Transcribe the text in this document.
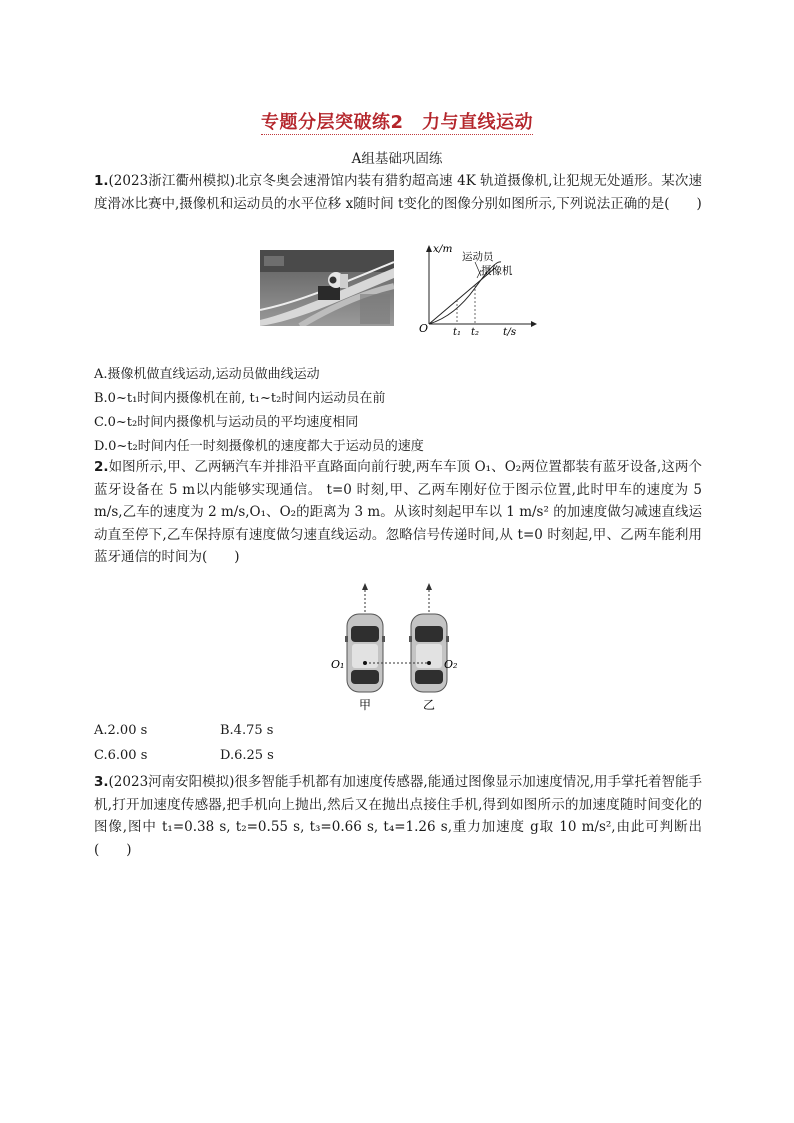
专题分层突破练2　力与直线运动
A组基础巩固练
1.(2023浙江衢州模拟)北京冬奥会速滑馆内装有猎豹超高速 4K 轨道摄像机,让犯规无处遁形。某次速度滑冰比赛中,摄像机和运动员的水平位移 x随时间 t变化的图像分别如图所示,下列说法正确的是(　　)
x/m
t/s
O t₁ t₂
运动员
摄像机
A.摄像机做直线运动,运动员做曲线运动
B.0~t₁时间内摄像机在前, t₁~t₂时间内运动员在前
C.0~t₂时间内摄像机与运动员的平均速度相同
D.0~t₂时间内任一时刻摄像机的速度都大于运动员的速度
2.如图所示,甲、乙两辆汽车并排沿平直路面向前行驶,两车车顶 O₁、O₂两位置都装有蓝牙设备,这两个蓝牙设备在 5 m以内能够实现通信。 t=0 时刻,甲、乙两车刚好位于图示位置,此时甲车的速度为 5 m/s,乙车的速度为 2 m/s,O₁、O₂的距离为 3 m。从该时刻起甲车以 1 m/s² 的加速度做匀减速直线运动直至停下,乙车保持原有速度做匀速直线运动。忽略信号传递时间,从 t=0 时刻起,甲、乙两车能利用蓝牙通信的时间为(　　)
O₁	O₂
甲	乙
A.2.00 s	B.4.75 s
C.6.00 s	D.6.25 s
3.(2023河南安阳模拟)很多智能手机都有加速度传感器,能通过图像显示加速度情况,用手掌托着智能手机,打开加速度传感器,把手机向上抛出,然后又在抛出点接住手机,得到如图所示的加速度随时间变化的图像,图中 t₁=0.38 s, t₂=0.55 s, t₃=0.66 s, t₄=1.26 s,重力加速度 g取 10 m/s²,由此可判断出(　　)
